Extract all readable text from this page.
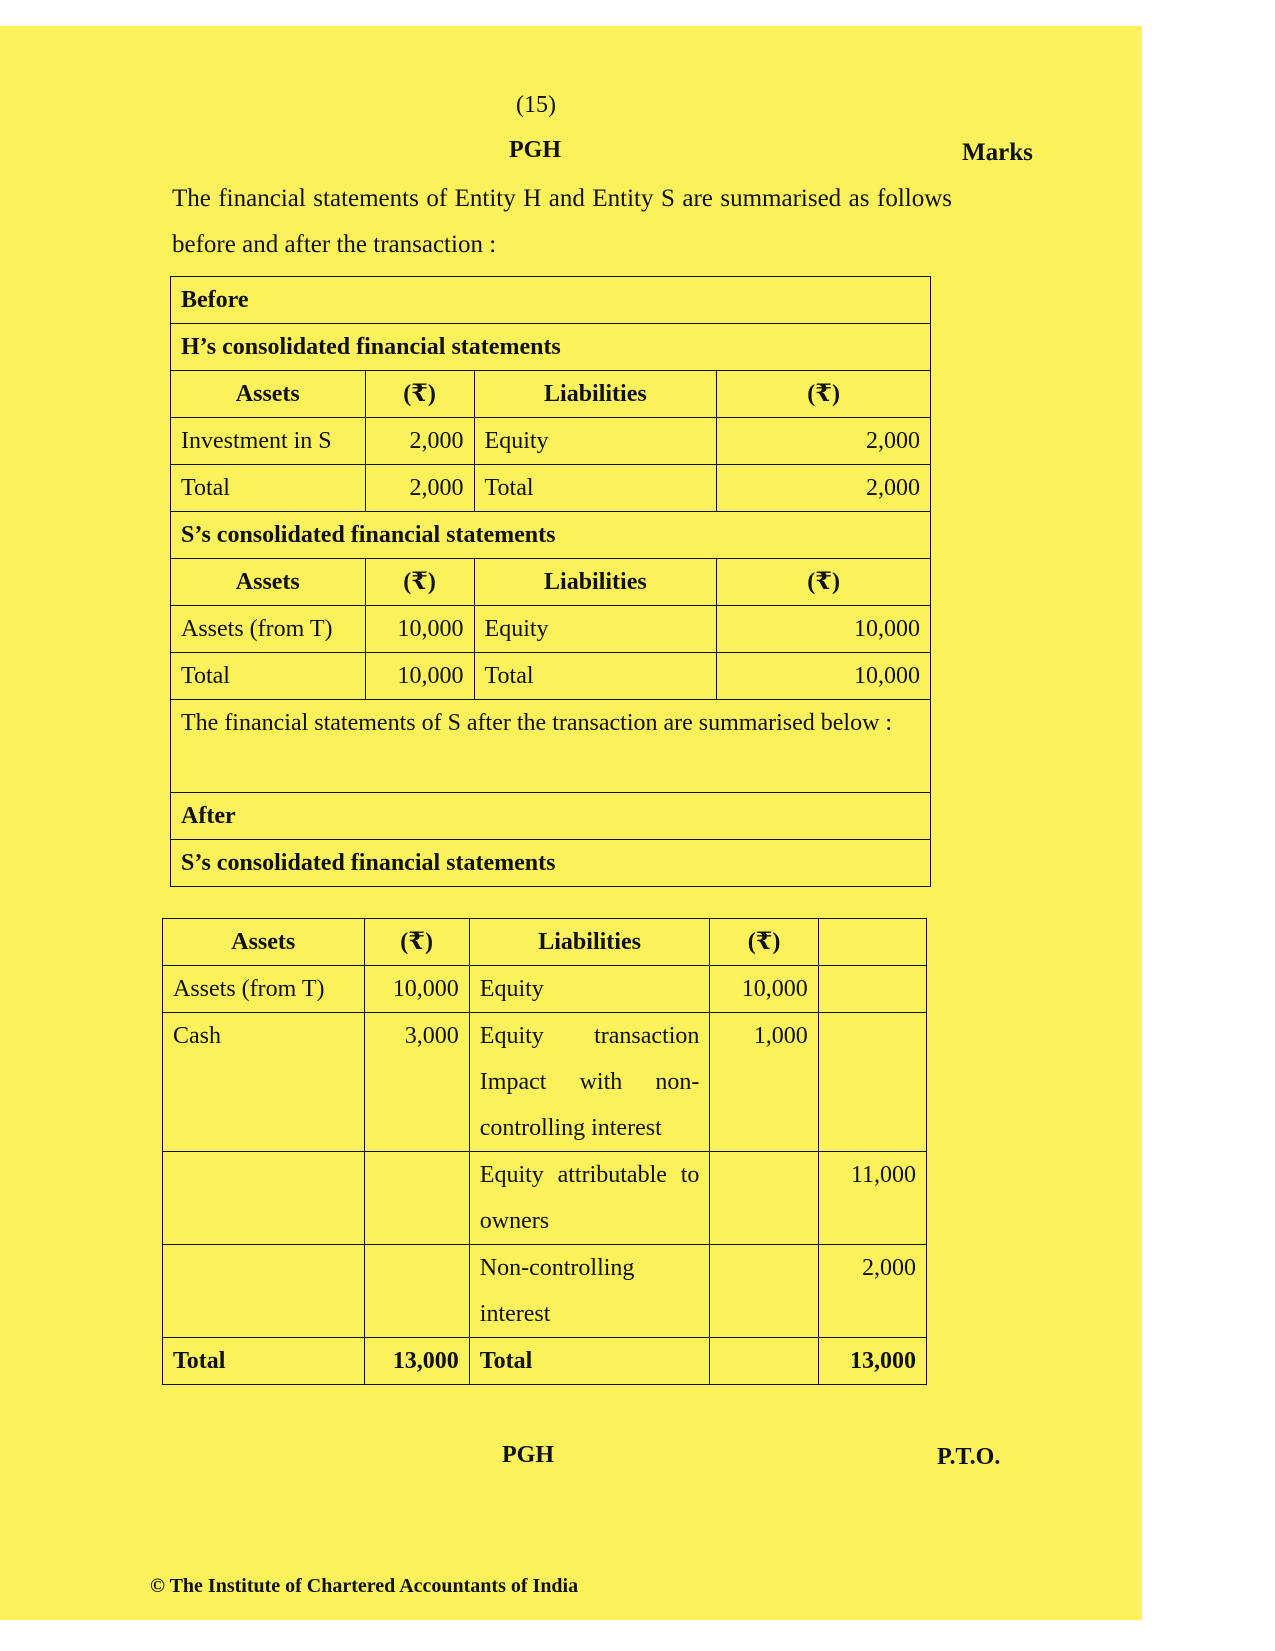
(15)
PGH	Marks
The financial statements of Entity H and Entity S are summarised as follows before and after the transaction :
Before			
H’s consolidated financial statements			
Assets	(₹)	Liabilities	(₹)
Investment in S	2,000	Equity	2,000
Total	2,000	Total	2,000
S’s consolidated financial statements			
Assets	(₹)	Liabilities	(₹)
Assets (from T)	10,000	Equity	10,000
Total	10,000	Total	10,000
The financial statements of S after the transaction are summarised below :			
After			
S’s consolidated financial statements			
Assets	(₹)	Liabilities	(₹)	
Assets (from T)	10,000	Equity	10,000	
Cash	3,000	Equity transaction Impact with non-controlling interest	1,000	
		Equity attributable to owners		11,000
		Non-controlling interest		2,000
Total	13,000	Total		13,000
PGH	P.T.O.
© The Institute of Chartered Accountants of India
